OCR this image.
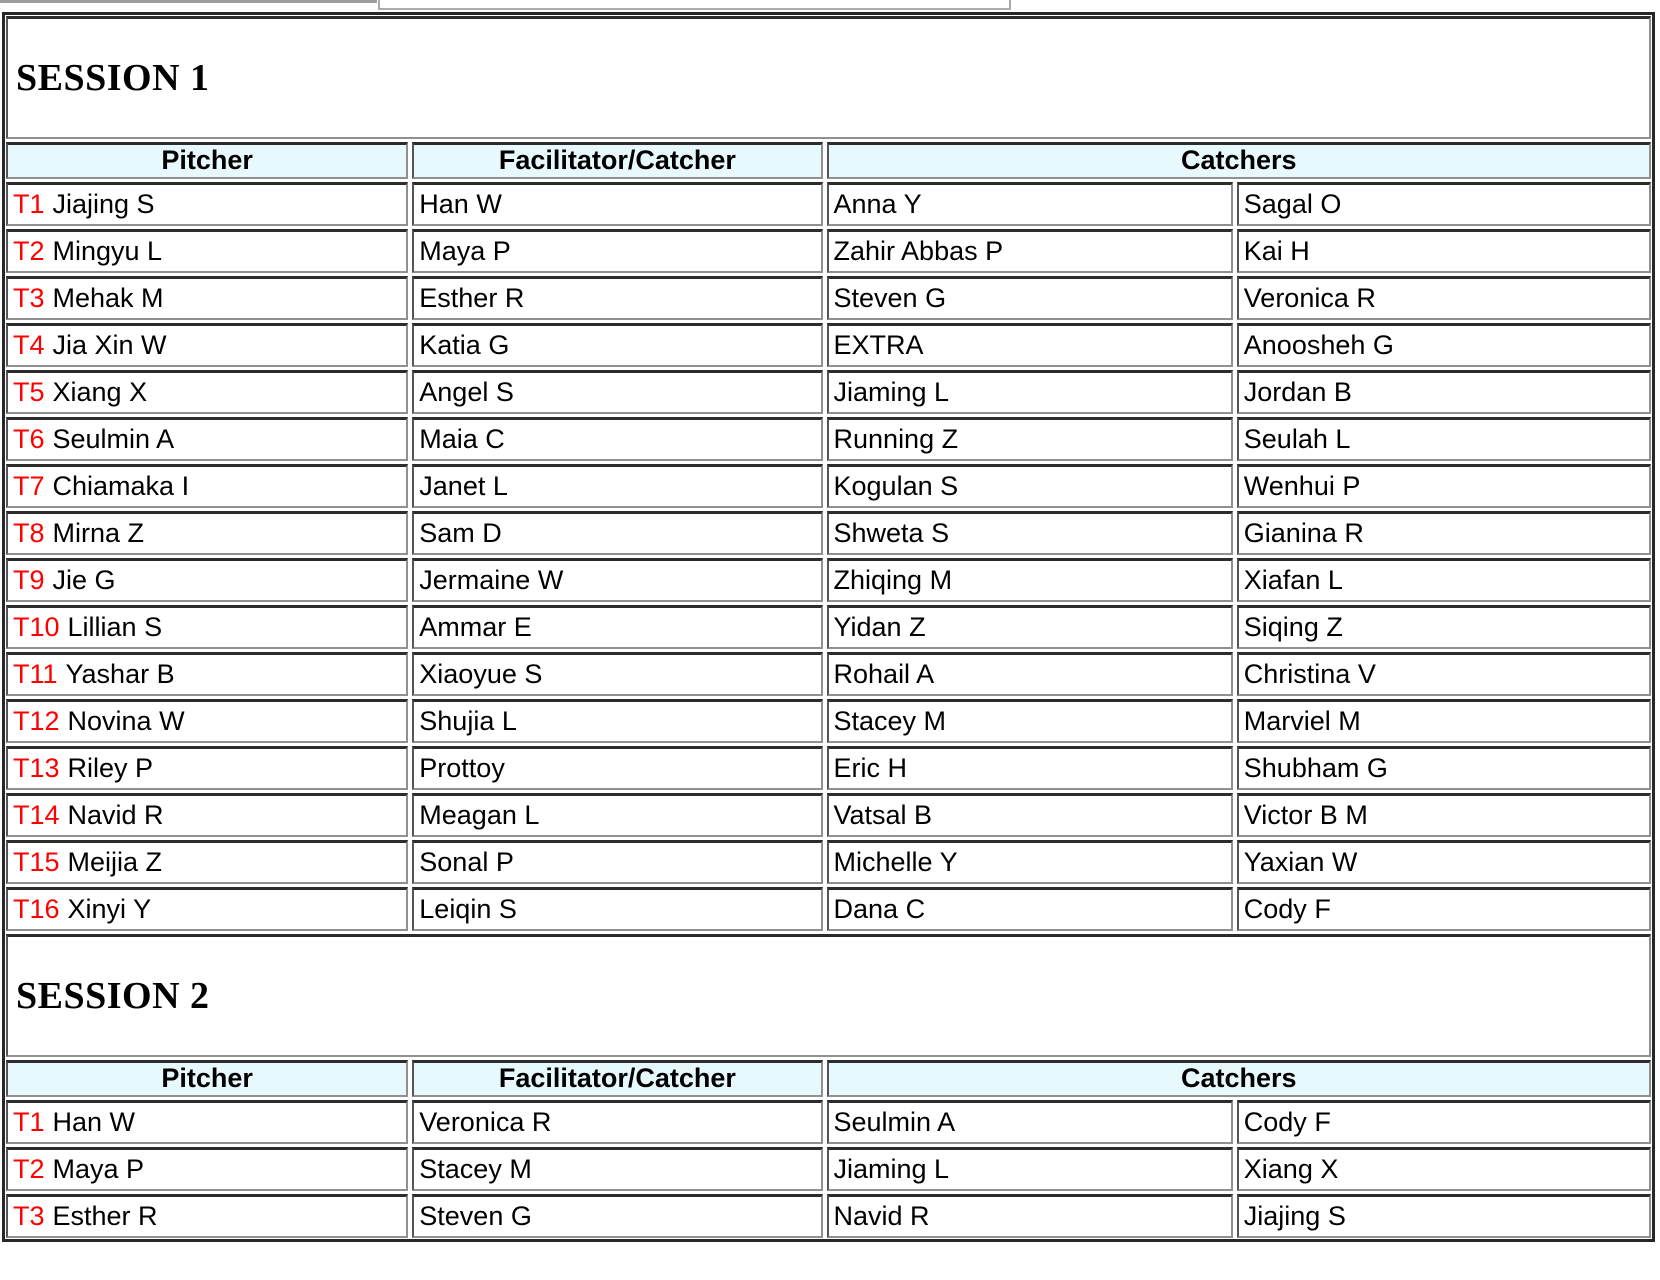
SESSION 1
Pitcher	Facilitator/Catcher	Catchers
T1 Jiajing S	Han W	Anna Y	Sagal O
T2 Mingyu L	Maya P	Zahir Abbas P	Kai H
T3 Mehak M	Esther R	Steven G	Veronica R
T4 Jia Xin W	Katia G	EXTRA	Anoosheh G
T5 Xiang X	Angel S	Jiaming L	Jordan B
T6 Seulmin A	Maia C	Running Z	Seulah L
T7 Chiamaka I	Janet L	Kogulan S	Wenhui P
T8 Mirna Z	Sam D	Shweta S	Gianina R
T9 Jie G	Jermaine W	Zhiqing M	Xiafan L
T10 Lillian S	Ammar E	Yidan Z	Siqing Z
T11 Yashar B	Xiaoyue S	Rohail A	Christina V
T12 Novina W	Shujia L	Stacey M	Marviel M
T13 Riley P	Prottoy	Eric H	Shubham G
T14 Navid R	Meagan L	Vatsal B	Victor B M
T15 Meijia Z	Sonal P	Michelle Y	Yaxian W
T16 Xinyi Y	Leiqin S	Dana C	Cody F
SESSION 2
Pitcher	Facilitator/Catcher	Catchers
T1 Han W	Veronica R	Seulmin A	Cody F
T2 Maya P	Stacey M	Jiaming L	Xiang X
T3 Esther R	Steven G	Navid R	Jiajing S
